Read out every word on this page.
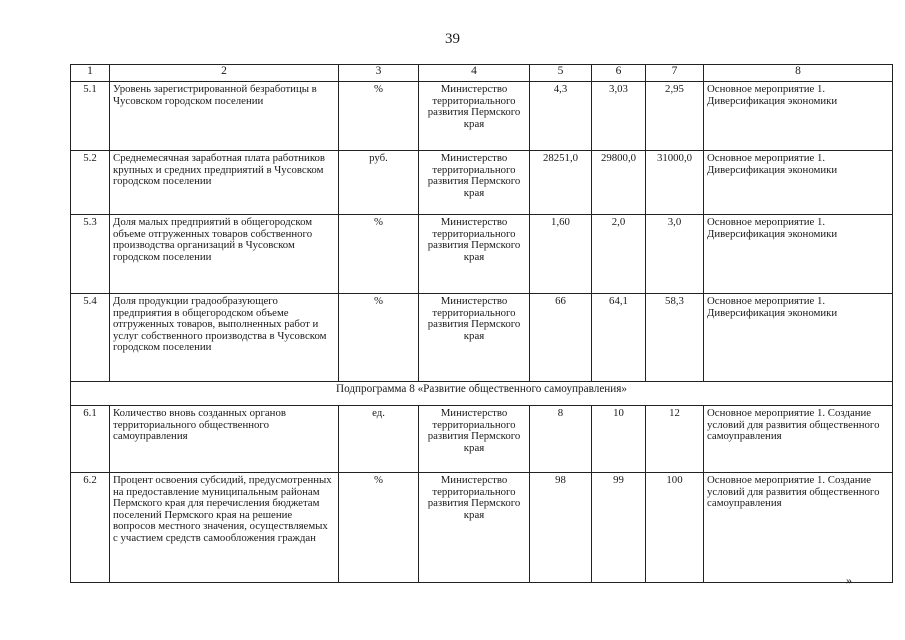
39
1	2	3	4	5	6	7	8
5.1	Уровень зарегистрированной безработицы в Чусовском городском поселении	%	Министерство территориального развития Пермского края	4,3	3,03	2,95	Основное мероприятие 1. Диверсификация экономики
5.2	Среднемесячная заработная плата работников крупных и средних предприятий в Чусовском городском поселении	руб.	Министерство территориального развития Пермского края	28251,0	29800,0	31000,0	Основное мероприятие 1. Диверсификация экономики
5.3	Доля малых предприятий в общегородском объеме отгруженных товаров собственного производства организаций в Чусовском городском поселении	%	Министерство территориального развития Пермского края	1,60	2,0	3,0	Основное мероприятие 1. Диверсификация экономики
5.4	Доля продукции градообразующего предприятия в общегородском объеме отгруженных товаров, выполненных работ и услуг собственного производства в Чусовском городском поселении	%	Министерство территориального развития Пермского края	66	64,1	58,3	Основное мероприятие 1. Диверсификация экономики
Подпрограмма 8 «Развитие общественного самоуправления»							
6.1	Количество вновь созданных органов территориального общественного самоуправления	ед.	Министерство территориального развития Пермского края	8	10	12	Основное мероприятие 1. Создание условий для развития общественного самоуправления
6.2	Процент освоения субсидий, предусмотренных на предоставление муниципальным районам Пермского края для перечисления бюджетам поселений Пермского края на решение вопросов местного значения, осуществляемых с участием средств самообложения граждан	%	Министерство территориального развития Пермского края	98	99	100	Основное мероприятие 1. Создание условий для развития общественного самоуправления
»
